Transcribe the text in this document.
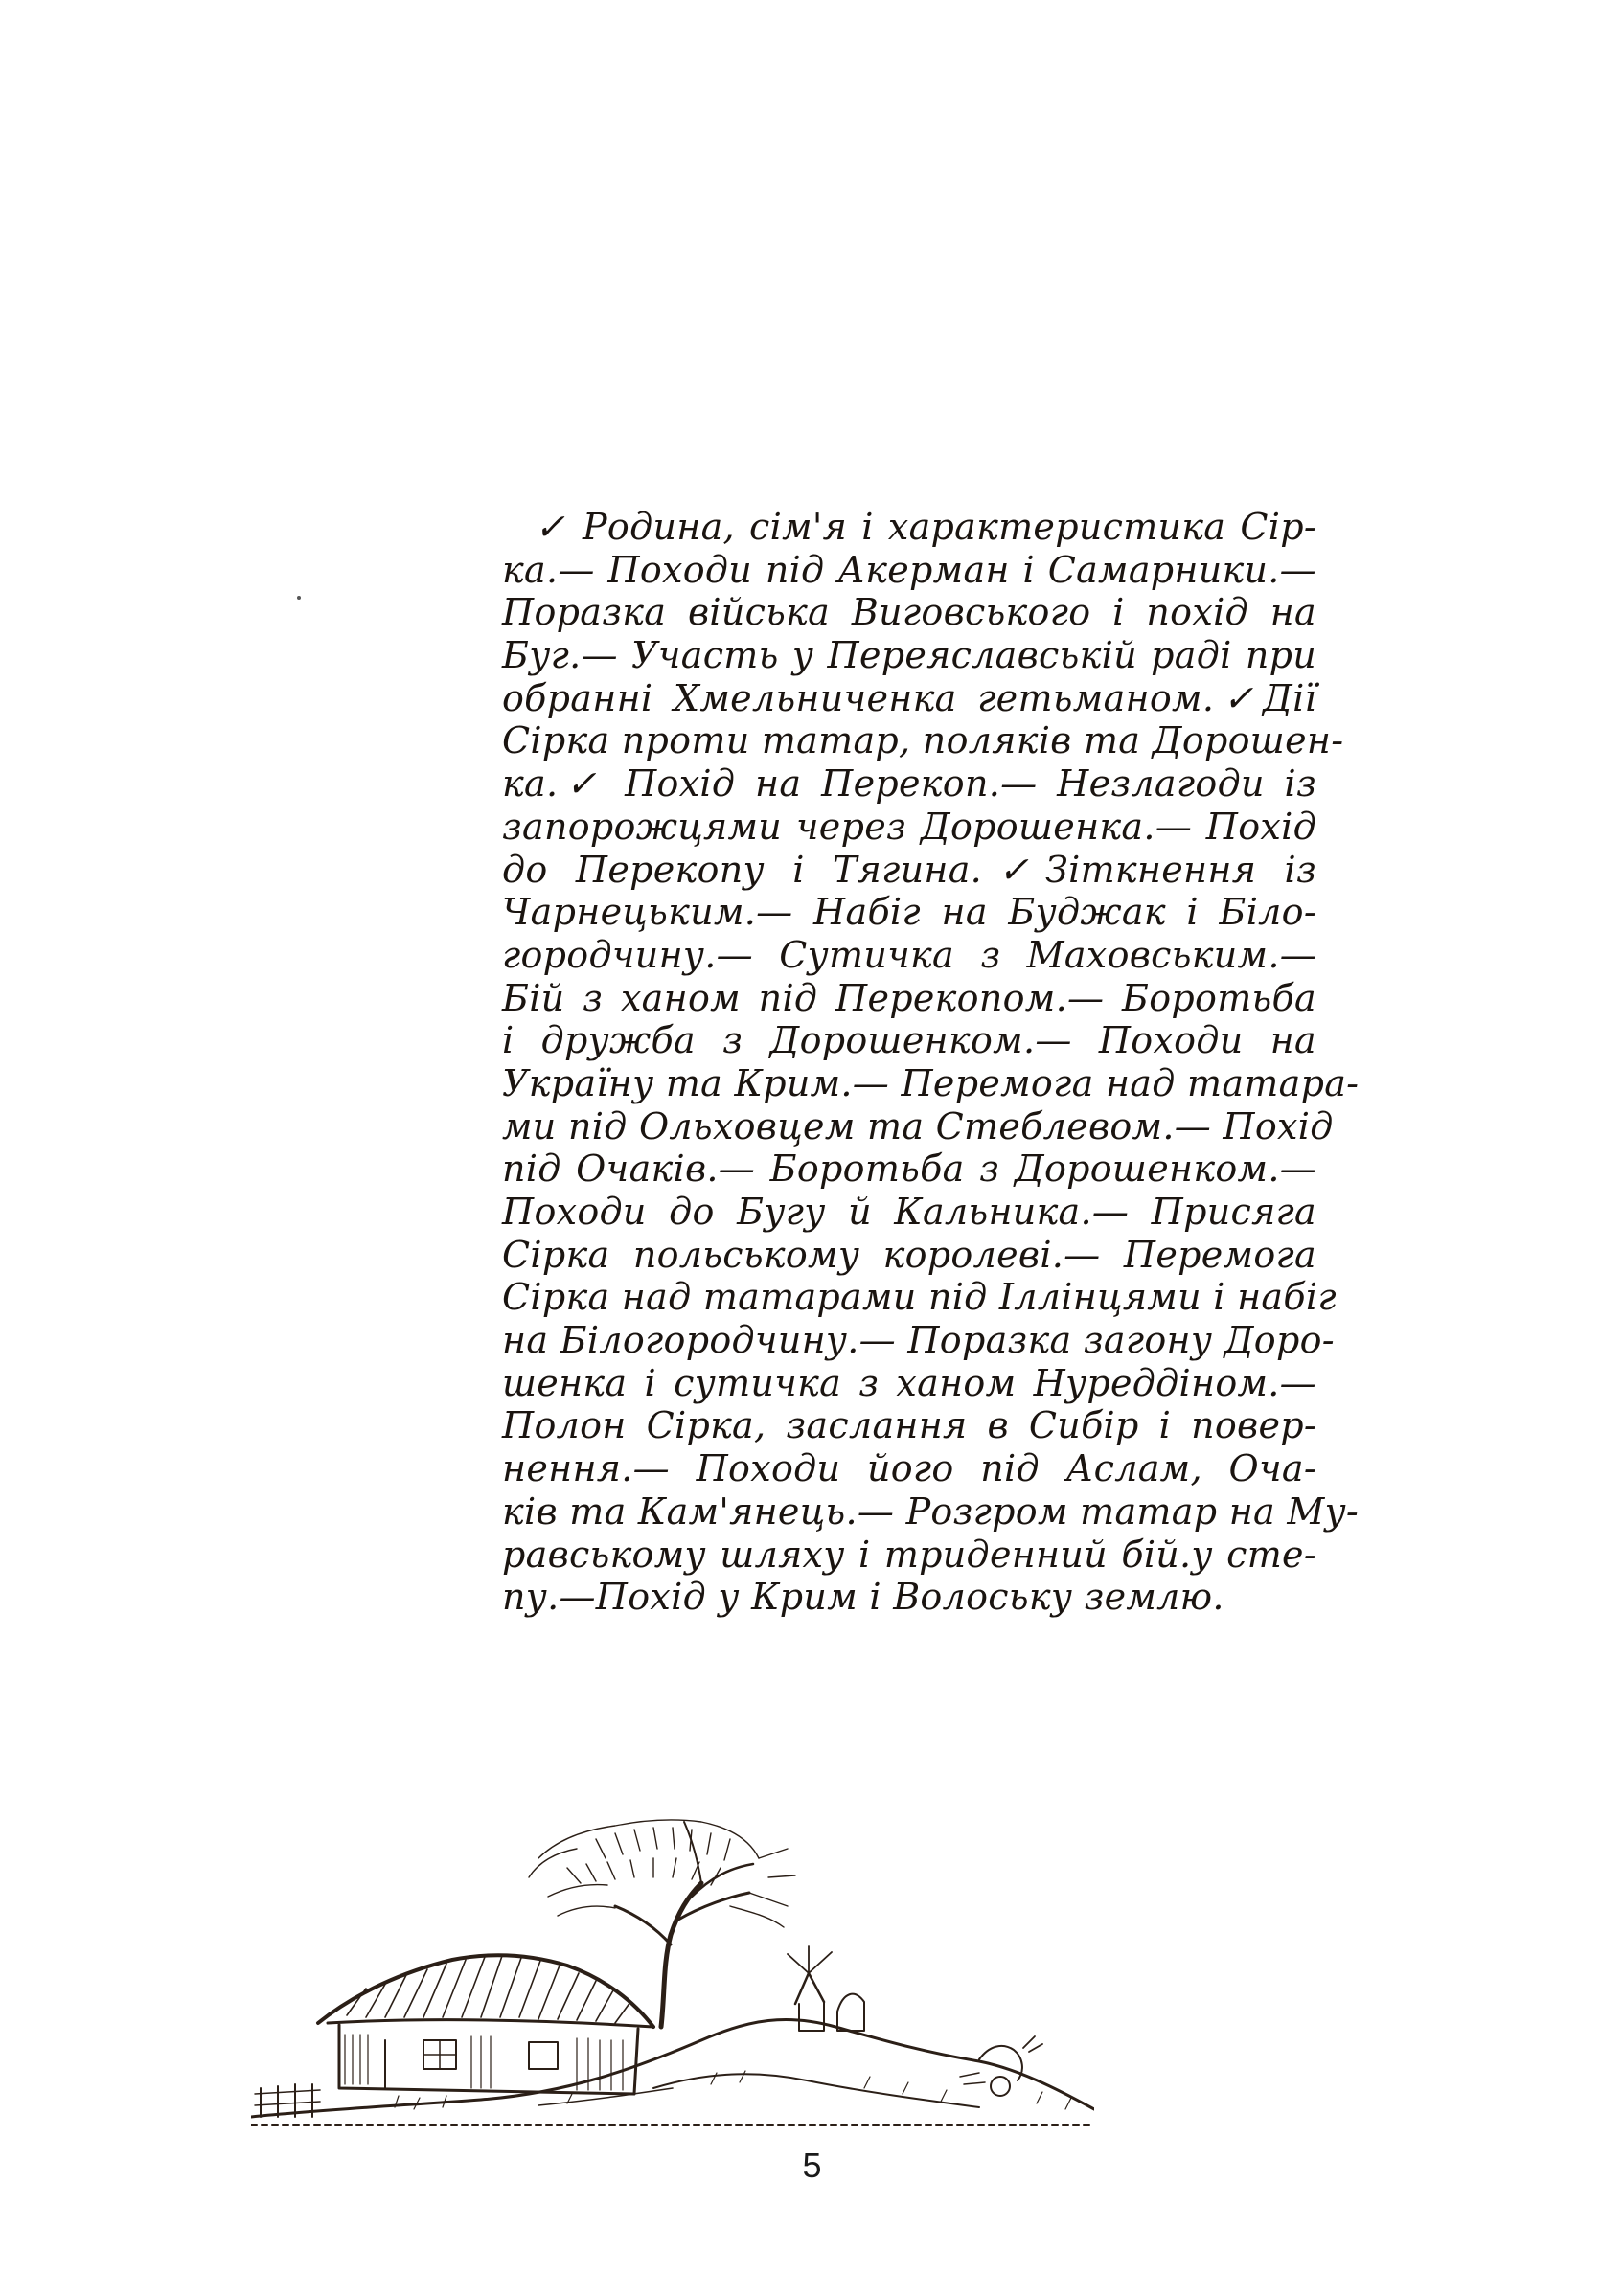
✓ Родина, сім'я і характеристика Сір-
ка.— Походи під Акерман і Самарники.—
Поразка війська Виговського і похід на
Буг.— Участь у Переяславській раді при
обранні Хмельниченка гетьманом.✓Дії
Сірка проти татар, поляків та Дорошен-
ка.✓ Похід на Перекоп.— Незлагоди із
запорожцями через Дорошенка.— Похід
до Перекопу і Тягина.✓Зіткнення із
Чарнецьким.— Набіг на Буджак і Біло-
городчину.— Сутичка з Маховським.—
Бій з ханом під Перекопом.— Боротьба
і дружба з Дорошенком.— Походи на
Україну та Крим.— Перемога над татара-
ми під Ольховцем та Стеблевом.— Похід
під Очаків.— Боротьба з Дорошенком.—
Походи до Бугу й Кальника.— Присяга
Сірка польському королеві.— Перемога
Сірка над татарами під Іллінцями і набіг
на Білогородчину.— Поразка загону Доро-
шенка і сутичка з ханом Нуреддіном.—
Полон Сірка, заслання в Сибір і повер-
нення.— Походи його під Аслам, Оча-
ків та Кам'янець.— Розгром татар на Му-
равському шляху і триденний бій.у сте-
пу.—Похід у Крим і Волоську землю.
5
